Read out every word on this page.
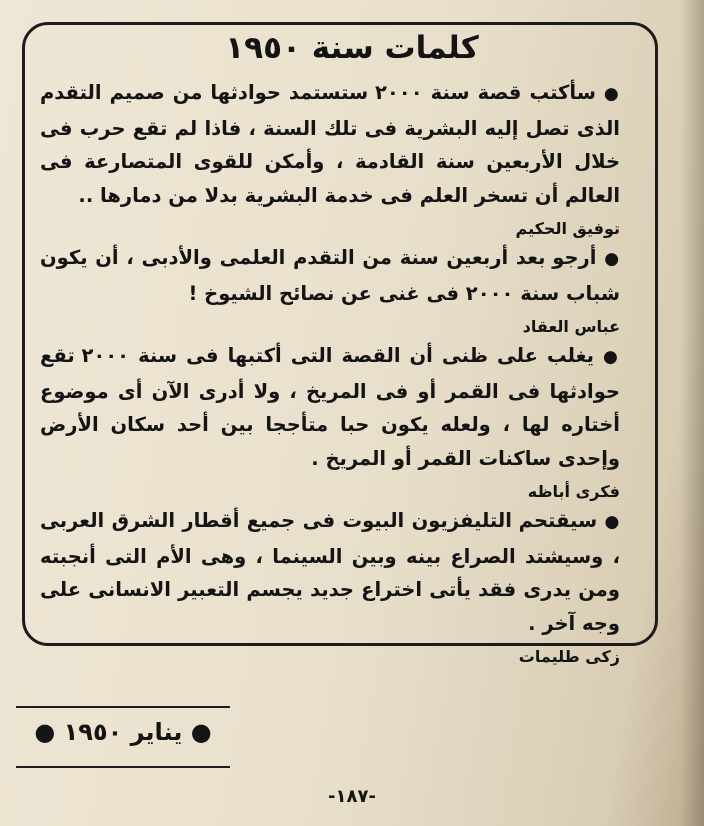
كلمات سنة ١٩٥٠

● سأكتب قصة سنة ٢٠٠٠ ستستمد حوادثها من صميم التقدم الذى تصل إليه البشرية فى تلك السنة ، فاذا لم تقع حرب فى خلال الأربعين سنة القادمة ، وأمكن للقوى المتصارعة فى العالم أن تسخر العلم فى خدمة البشرية بدلا من دمارها ..

توفيق الحكيم

● أرجو بعد أربعين سنة من التقدم العلمى والأدبى ، أن يكون شباب سنة ٢٠٠٠ فى غنى عن نصائح الشيوخ !

عباس العقاد

● يغلب على ظنى أن القصة التى أكتبها فى سنة ٢٠٠٠ تقع حوادثها فى القمر أو فى المريخ ، ولا أدرى الآن أى موضوع أختاره لها ، ولعله يكون حبا متأججا بين أحد سكان الأرض وإحدى ساكنات القمر أو المريخ .

فكرى أباظه

● سيقتحم التليفزيون البيوت فى جميع أقطار الشرق العربى ، وسيشتد الصراع بينه وبين السينما ، وهى الأم التى أنجبته ومن يدرى فقد يأتى اختراع جديد يجسم التعبير الانسانى على وجه آخر .

زكى طليمات

● يناير ١٩٥٠ ●
-١٨٧-
